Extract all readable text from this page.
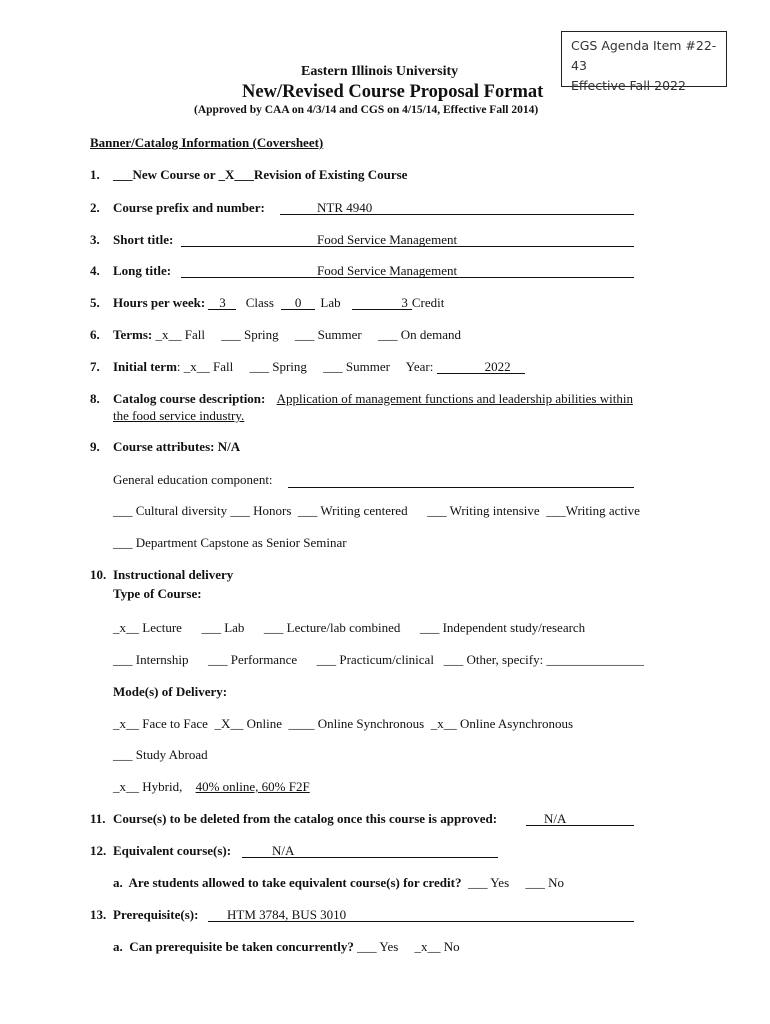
CGS Agenda Item #22-43
Effective Fall 2022
Eastern Illinois University
New/Revised Course Proposal Format
(Approved by CAA on 4/3/14 and CGS on 4/15/14, Effective Fall 2014)
Banner/Catalog Information (Coversheet)
1. ___New Course or _X___Revision of Existing Course
2. Course prefix and number:	NTR 4940
3. Short title:	Food Service Management
4. Long title:	Food Service Management
5. Hours per week: 3 Class 0 Lab	3 Credit
6. Terms: _x__ Fall     ___ Spring     ___ Summer     ___ On demand
7. Initial term: _x__ Fall     ___ Spring     ___ Summer     Year:	2022
8. Catalog course description: Application of management functions and leadership abilities within
the food service industry.
9. Course attributes: N/A
General education component:
___ Cultural diversity ___ Honors  ___ Writing centered      ___ Writing intensive  ___Writing active
___ Department Capstone as Senior Seminar
10. Instructional delivery
Type of Course:
_x__ Lecture      ___ Lab      ___ Lecture/lab combined      ___ Independent study/research
___ Internship      ___ Performance      ___ Practicum/clinical   ___ Other, specify: _______________
Mode(s) of Delivery:
_x__ Face to Face  _X__ Online  ____ Online Synchronous  _x__ Online Asynchronous
___ Study Abroad
_x__ Hybrid, 40% online, 60% F2F
11. Course(s) to be deleted from the catalog once this course is approved:	N/A
12. Equivalent course(s):	N/A
a.  Are students allowed to take equivalent course(s) for credit? ___ Yes     ___ No
13. Prerequisite(s):	HTM 3784, BUS 3010
a.  Can prerequisite be taken concurrently? ___ Yes     _x__ No
